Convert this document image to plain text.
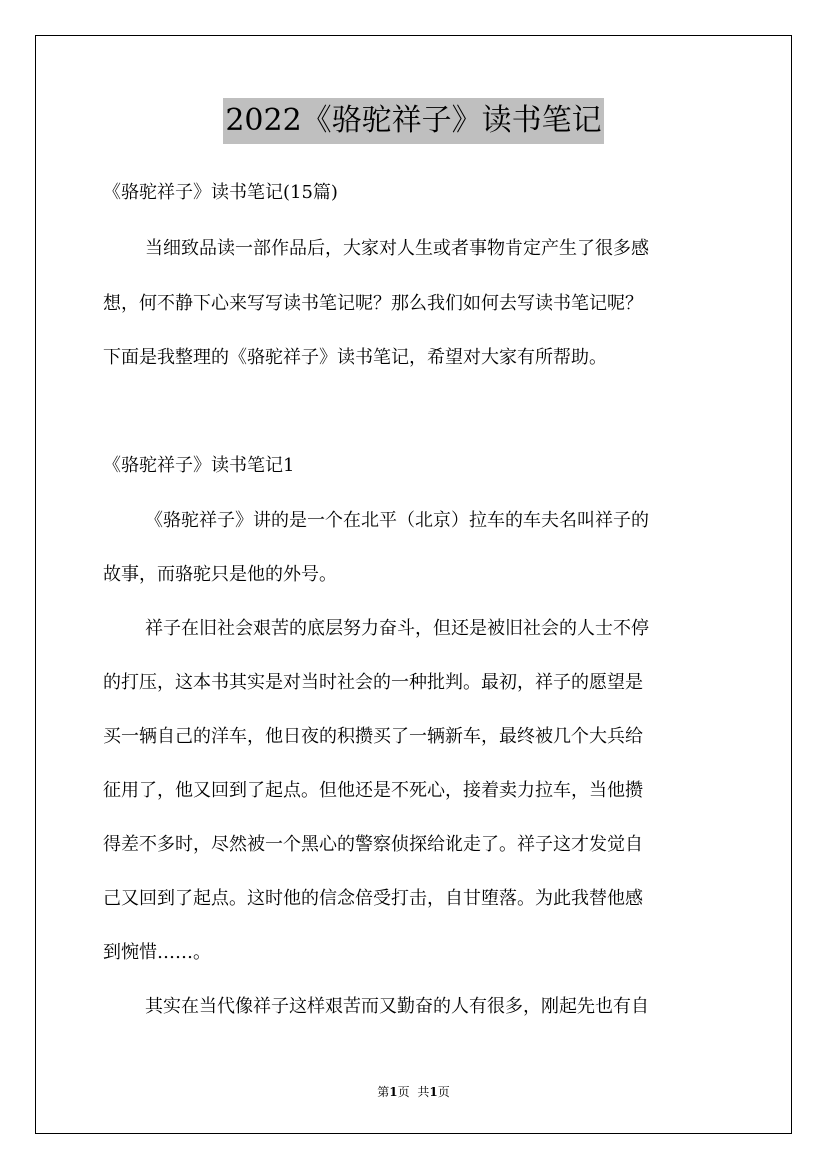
2022《骆驼祥子》读书笔记
《骆驼祥子》读书笔记(15篇)
当细致品读一部作品后，大家对人生或者事物肯定产生了很多感
想，何不静下心来写写读书笔记呢？那么我们如何去写读书笔记呢？
下面是我整理的《骆驼祥子》读书笔记，希望对大家有所帮助。
《骆驼祥子》读书笔记1
《骆驼祥子》讲的是一个在北平（北京）拉车的车夫名叫祥子的
故事，而骆驼只是他的外号。
祥子在旧社会艰苦的底层努力奋斗，但还是被旧社会的人士不停
的打压，这本书其实是对当时社会的一种批判。最初，祥子的愿望是
买一辆自己的洋车，他日夜的积攒买了一辆新车，最终被几个大兵给
征用了，他又回到了起点。但他还是不死心，接着卖力拉车，当他攒
得差不多时，尽然被一个黑心的警察侦探给讹走了。祥子这才发觉自
己又回到了起点。这时他的信念倍受打击，自甘堕落。为此我替他感
到惋惜……。
其实在当代像祥子这样艰苦而又勤奋的人有很多，刚起先也有自
第1页 共1页
